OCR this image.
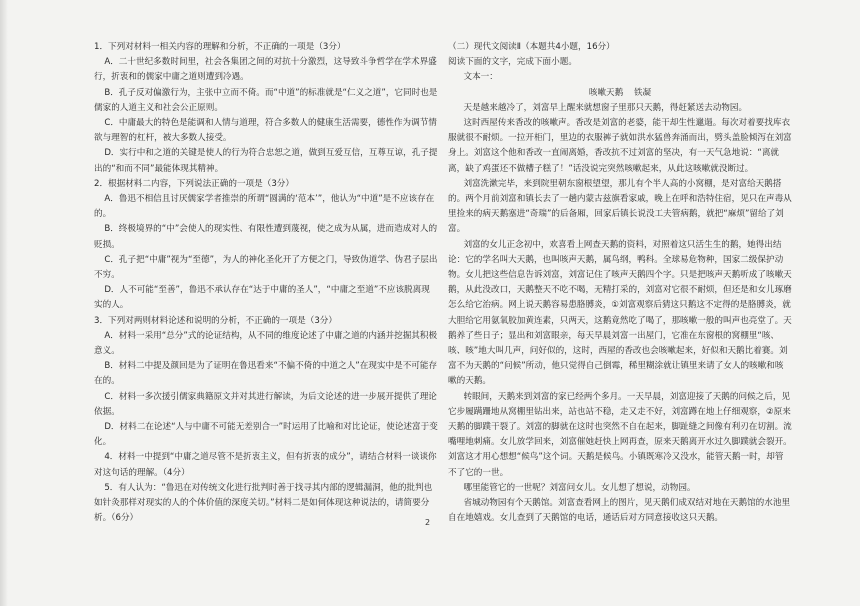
1．下列对材料一相关内容的理解和分析，不正确的一项是（3分）

A．二十世纪多数时间里，社会各集团之间的对抗十分激烈，这导致斗争哲学在学术界盛行，折衷和的儒家中庸之道则遭到冷遇。

B．孔子反对偏激行为，主张中立而不倚。而“中道”的标准就是“仁义之道”，它同时也是儒家的人道主义和社会公正原则。

C．中庸最大的特色是能调和人情与道理，符合多数人的健康生活需要，德性作为调节情欲与理智的杠杆，被大多数人接受。

D．实行中和之道的关键是使人的行为符合忠恕之道，做到互爱互信，互尊互谅，孔子提出的“和而不同”最能体现其精神。

2．根据材料二内容，下列说法正确的一项是（3分）

A．鲁迅不相信且讨厌儒家学者推崇的所谓“圆满的‘范本’”，他认为“中道”是不应该存在的。

B．终极境界的“中”会使人的现实性、有限性遭到蔑视，使之成为从属，进而造成对人的贬损。

C．孔子把“中庸”视为“至德”，为人的神化圣化开了方便之门，导致伪道学、伪君子层出不穷。

D．人不可能“至善”，鲁迅不承认存在“达于中庸的圣人”，“中庸之至道”不应该脱离现实的人。

3．下列对两则材料论述和说明的分析，不正确的一项是（3分）

A．材料一采用“总分”式的论证结构，从不同的维度论述了中庸之道的内涵并挖掘其积极意义。

B．材料二中提及颜回是为了证明在鲁迅看来“不偏不倚的中道之人”在现实中是不可能存在的。

C．材料一多次援引儒家典籍原文并对其进行解读，为后文论述的进一步展开提供了理论依据。

D．材料二在论述“人与中庸不可能无差别合一”时运用了比喻和对比论证，使论述富于变化。

4．材料一中提到“中庸之道尽管不是折衷主义，但有折衷的成分”，请结合材料一谈谈你对这句话的理解。（4分）

5．有人认为：“鲁迅在对传统文化进行批判时善于找寻其内部的逻辑漏洞，他的批判也如针灸那样对现实的人的个体价值的深度关切。”材料二是如何体现这种说法的，请简要分析。（6分）

（二）现代文阅读Ⅱ（本题共4小题，16分）

阅读下面的文字，完成下面小题。

文本一：

咳嗽天鹅 铁凝

天是越来越冷了，刘富早上醒来就想窗子里那只天鹅，得赶紧送去动物园。

这时西屋传来香改的咳嗽声。香改是刘富的老婆，能干却生性邋遢。每次对着要找库衣服就很不耐烦。一拉开柜门，里边的衣服裤子就如洪水猛兽奔涌而出，劈头盖脸倾泻在刘富身上。刘富这个他和香改一直闹离婚，香改抗不过刘富的坚决，有一天气急地说：“离就离，缺了鸡蛋还不做槽子糕了！”话没说完突然咳嗽起来，从此这咳嗽就没断过。

刘富洗漱完毕，来到院里朝东窗根望望，那儿有个半人高的小窝棚，是对富给天鹅搭的。两个月前刘富和镇长去了一趟内蒙古兹旗看家戚，晚上在呼和浩特住宿，见只在声毒从里捡来的病天鹅塞进“奇瑞”的后备厢，回家后镇长说没工夫管病鹅，就把“麻烦”留给了刘富。

刘富的女儿正念初中，欢喜看上网查天鹅的资料，对照着这只活生生的鹅，她得出结论：它的学名叫大天鹅，也叫咳声天鹅，属鸟纲，鸭科。全球易危物种，国家二级保护动物。女儿把这些信息告诉刘富，刘富记住了咳声天鹅四个字。只是把咳声天鹅听成了咳嗽天鹅，从此没改口，天鹅整天不吃不喝，无精打采的，刘富对它很不耐烦，但还是和女儿琢磨怎么给它治病。网上说天鹅容易患胳膊炎，①刘富观察后猜这只鹅这不定得的是胳膊炎，就大胆给它用氨氧胶加黄连素，只两天，这鹅竟然吃了喝了，那咳嗽一般的叫声也亮堂了。天鹅养了些日子；显出和刘富眼亲，每天早晨刘富一出屋门，它准在东窗根的窝棚里“咳、咳、咳”地大叫几声，问好似的，这时，西屋的香改也会咳嗽起来，好似和天鹅比着赛。刘富不为天鹅的“问候”所动，他只觉得自己倒霉，稀里糊涂就让镇里来请了女人的咳嗽和咳嗽的天鹅。

转眼间，天鹅来到刘富的家已经两个多月。一天早晨，刘富迎接了天鹅的问候之后，见它步履蹒跚地从窝棚里钻出来，站也站不稳，走又走不好，刘富蹲在地上仔细观察，②原来天鹅的脚蹼干裂了。刘富的脚就在这时也突然不自在起来，脚趾缝之间像有利刃在切割。流嘴哩地刺痛。女儿放学回来，刘富催她赶快上网再查，原来天鹅离开水过久脚蹼就会裂开。刘富这才用心想想“候鸟”这个词。天鹅是候鸟。小镇既寒冷又没水，能管天鹅一时，却管不了它的一世。

哪里能管它的一世呢？刘富问女儿。女儿想了想说，动物园。

省城动物园有个天鹅馆。刘富查看网上的图片，见天鹅们成双结对地在天鹅馆的水池里自在地嬉戏。女儿查到了天鹅馆的电话，通话后对方同意接收这只天鹅。

2
